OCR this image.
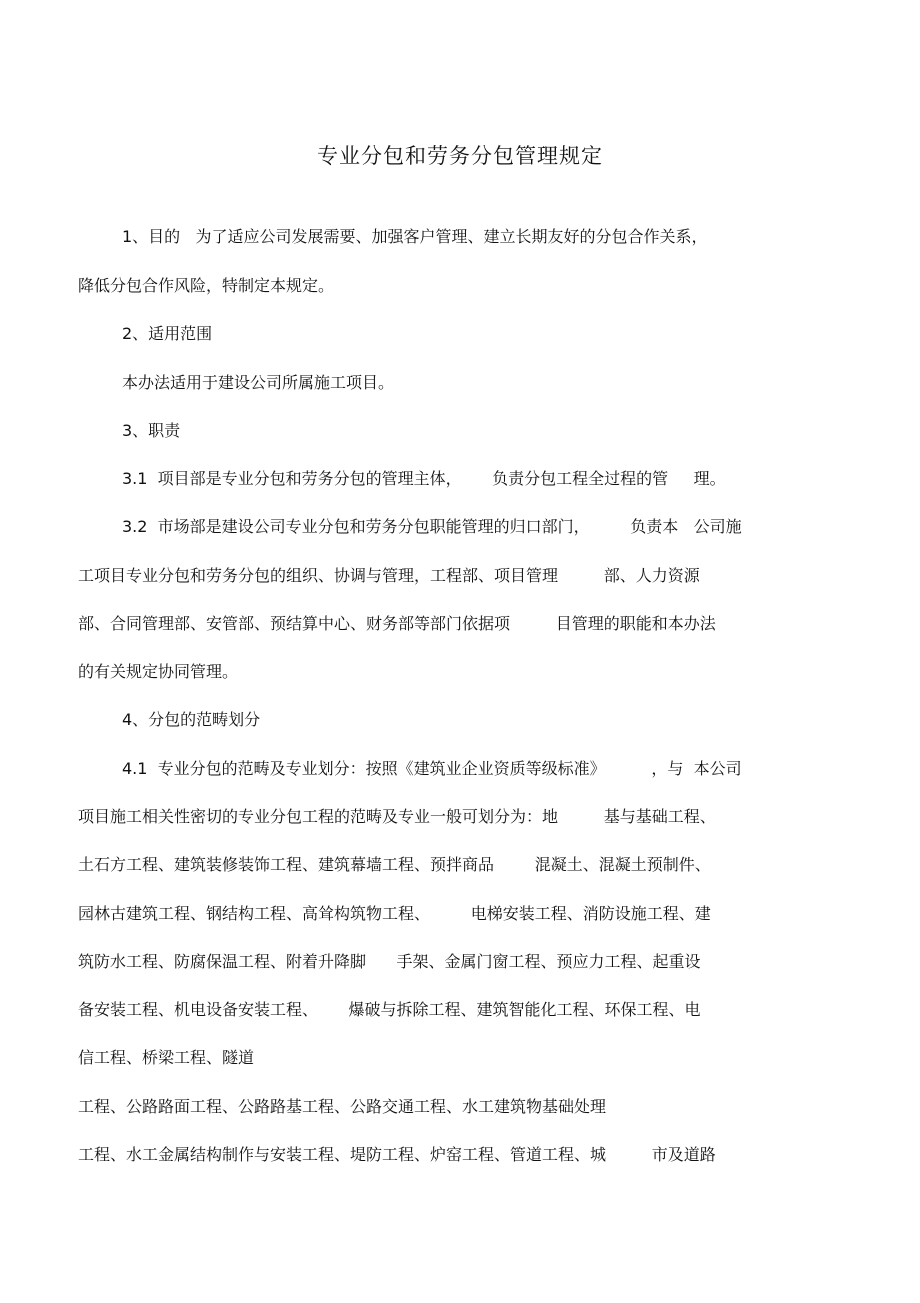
专业分包和劳务分包管理规定
1、目的   为了适应公司发展需要、加强客户管理、建立长期友好的分包合作关系，
降低分包合作风险，特制定本规定。
2、适用范围
本办法适用于建设公司所属施工项目。
3、职责
3.1  项目部是专业分包和劳务分包的管理主体，      负责分包工程全过程的管     理。
3.2  市场部是建设公司专业分包和劳务分包职能管理的归口部门，        负责本   公司施
工项目专业分包和劳务分包的组织、协调与管理，工程部、项目管理         部、人力资源
部、合同管理部、安管部、预结算中心、财务部等部门依据项         目管理的职能和本办法
的有关规定协同管理。
4、分包的范畴划分
4.1  专业分包的范畴及专业划分：按照《建筑业企业资质等级标准》         ，与  本公司
项目施工相关性密切的专业分包工程的范畴及专业一般可划分为：地         基与基础工程、
土石方工程、建筑装修装饰工程、建筑幕墙工程、预拌商品        混凝土、混凝土预制件、
园林古建筑工程、钢结构工程、高耸构筑物工程、        电梯安装工程、消防设施工程、建
筑防水工程、防腐保温工程、附着升降脚      手架、金属门窗工程、预应力工程、起重设
备安装工程、机电设备安装工程、      爆破与拆除工程、建筑智能化工程、环保工程、电
信工程、桥梁工程、隧道
工程、公路路面工程、公路路基工程、公路交通工程、水工建筑物基础处理
工程、水工金属结构制作与安装工程、堤防工程、炉窑工程、管道工程、城         市及道路
